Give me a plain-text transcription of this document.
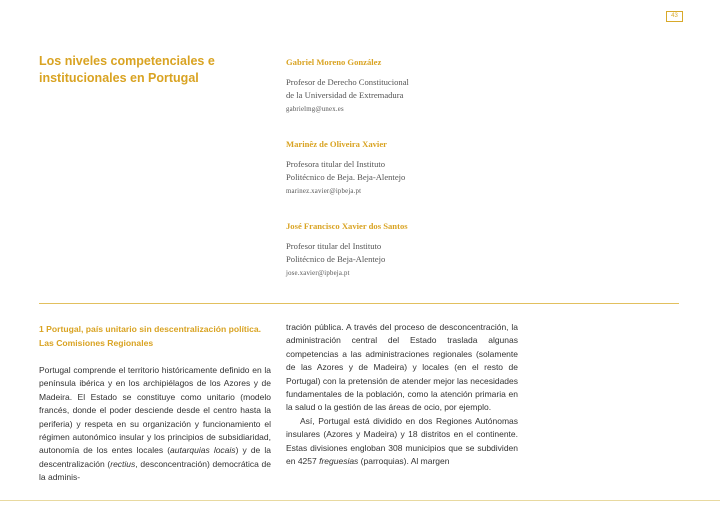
43
Los niveles competenciales e institucionales en Portugal

Gabriel Moreno González

Profesor de Derecho Constitucional
de la Universidad de Extremadura

gabrielmg@unex.es

Marinêz de Oliveira Xavier

Profesora titular del Instituto
Politécnico de Beja. Beja-Alentejo

marinez.xavier@ipbeja.pt

José Francisco Xavier dos Santos

Profesor titular del Instituto
Politécnico de Beja-Alentejo

jose.xavier@ipbeja.pt

1 Portugal, país unitario sin descentralización política. Las Comisiones Regionales

Portugal comprende el territorio históricamente definido en la península ibérica y en los archipiélagos de los Azores y de Madeira. El Estado se constituye como unitario (modelo francés, donde el poder desciende desde el centro hasta la periferia) y respeta en su organización y funcionamiento el régimen autonómico insular y los principios de subsidiaridad, autonomía de los entes locales (autarquias locais) y de la descentralización (rectius, desconcentración) democrática de la adminis-

tración pública. A través del proceso de desconcentración, la administración central del Estado traslada algunas competencias a las administraciones regionales (solamente de las Azores y de Madeira) y locales (en el resto de Portugal) con la pretensión de atender mejor las necesidades fundamentales de la población, como la atención primaria en la salud o la gestión de las áreas de ocio, por ejemplo.

Así, Portugal está dividido en dos Regiones Autónomas insulares (Azores y Madeira) y 18 distritos en el continente. Estas divisiones engloban 308 municipios que se subdividen en 4257 freguesias (parroquias). Al margen
